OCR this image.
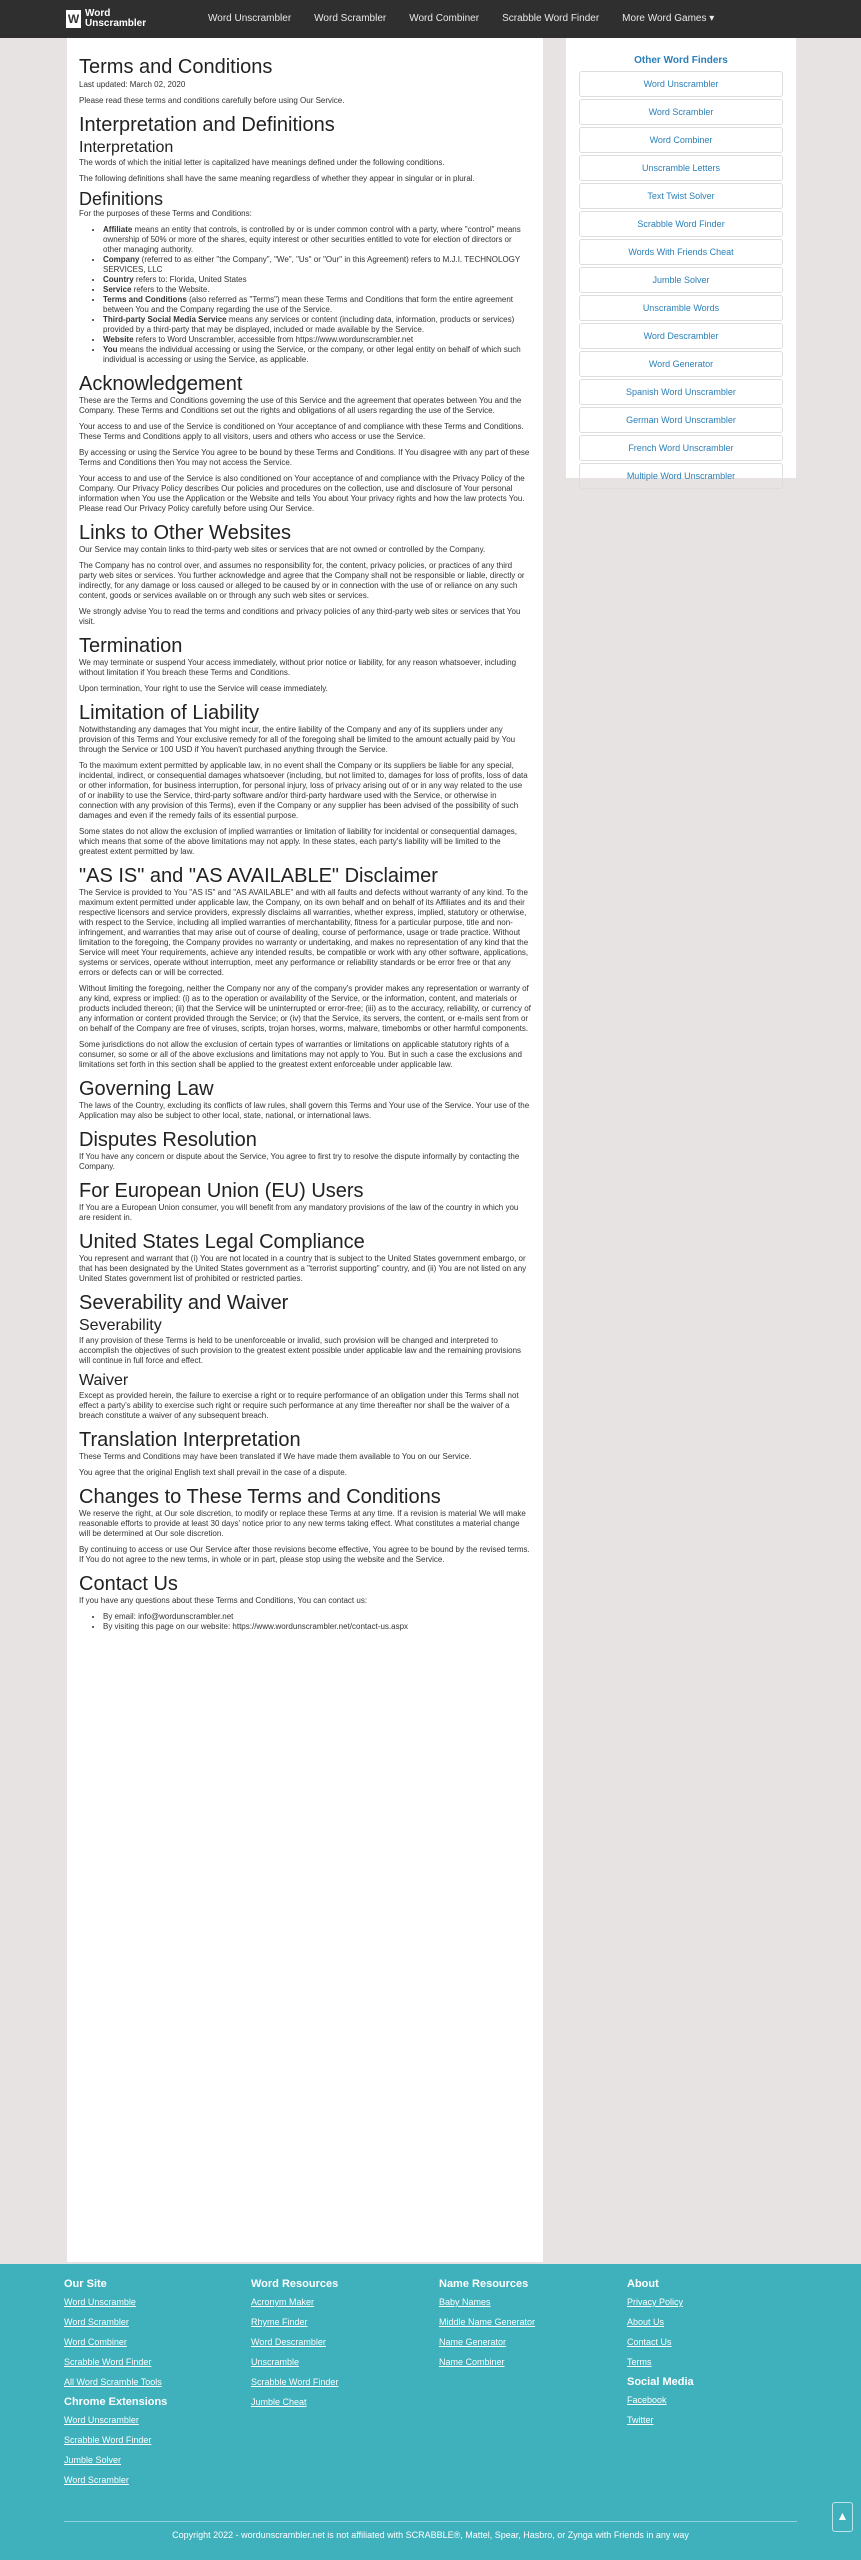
W Word
Unscrambler	Word Unscrambler Word Scrambler Word Combiner Scrabble Word Finder More Word Games ▾
Terms and Conditions

Last updated: March 02, 2020

Please read these terms and conditions carefully before using Our Service.

Interpretation and Definitions
Interpretation

The words of which the initial letter is capitalized have meanings defined under the following conditions.

The following definitions shall have the same meaning regardless of whether they appear in singular or in plural.

Definitions

For the purposes of these Terms and Conditions:

• Affiliate means an entity that controls, is controlled by or is under common control with a party, where "control" means ownership of 50% or more of the shares, equity interest or other securities entitled to vote for election of directors or other managing authority.
• Company (referred to as either "the Company", "We", "Us" or "Our" in this Agreement) refers to M.J.I. TECHNOLOGY SERVICES, LLC
• Country refers to: Florida, United States
• Service refers to the Website.
• Terms and Conditions (also referred as "Terms") mean these Terms and Conditions that form the entire agreement between You and the Company regarding the use of the Service.
• Third-party Social Media Service means any services or content (including data, information, products or services) provided by a third-party that may be displayed, included or made available by the Service.
• Website refers to Word Unscrambler, accessible from https://www.wordunscrambler.net
• You means the individual accessing or using the Service, or the company, or other legal entity on behalf of which such individual is accessing or using the Service, as applicable.
Acknowledgement

These are the Terms and Conditions governing the use of this Service and the agreement that operates between You and the Company. These Terms and Conditions set out the rights and obligations of all users regarding the use of the Service.

Your access to and use of the Service is conditioned on Your acceptance of and compliance with these Terms and Conditions. These Terms and Conditions apply to all visitors, users and others who access or use the Service.

By accessing or using the Service You agree to be bound by these Terms and Conditions. If You disagree with any part of these Terms and Conditions then You may not access the Service.

Your access to and use of the Service is also conditioned on Your acceptance of and compliance with the Privacy Policy of the Company. Our Privacy Policy describes Our policies and procedures on the collection, use and disclosure of Your personal information when You use the Application or the Website and tells You about Your privacy rights and how the law protects You. Please read Our Privacy Policy carefully before using Our Service.

Links to Other Websites

Our Service may contain links to third-party web sites or services that are not owned or controlled by the Company.

The Company has no control over, and assumes no responsibility for, the content, privacy policies, or practices of any third party web sites or services. You further acknowledge and agree that the Company shall not be responsible or liable, directly or indirectly, for any damage or loss caused or alleged to be caused by or in connection with the use of or reliance on any such content, goods or services available on or through any such web sites or services.

We strongly advise You to read the terms and conditions and privacy policies of any third-party web sites or services that You visit.

Termination

We may terminate or suspend Your access immediately, without prior notice or liability, for any reason whatsoever, including without limitation if You breach these Terms and Conditions.

Upon termination, Your right to use the Service will cease immediately.

Limitation of Liability

Notwithstanding any damages that You might incur, the entire liability of the Company and any of its suppliers under any provision of this Terms and Your exclusive remedy for all of the foregoing shall be limited to the amount actually paid by You through the Service or 100 USD if You haven't purchased anything through the Service.

To the maximum extent permitted by applicable law, in no event shall the Company or its suppliers be liable for any special, incidental, indirect, or consequential damages whatsoever (including, but not limited to, damages for loss of profits, loss of data or other information, for business interruption, for personal injury, loss of privacy arising out of or in any way related to the use of or inability to use the Service, third-party software and/or third-party hardware used with the Service, or otherwise in connection with any provision of this Terms), even if the Company or any supplier has been advised of the possibility of such damages and even if the remedy fails of its essential purpose.

Some states do not allow the exclusion of implied warranties or limitation of liability for incidental or consequential damages, which means that some of the above limitations may not apply. In these states, each party's liability will be limited to the greatest extent permitted by law.

"AS IS" and "AS AVAILABLE" Disclaimer

The Service is provided to You "AS IS" and "AS AVAILABLE" and with all faults and defects without warranty of any kind. To the maximum extent permitted under applicable law, the Company, on its own behalf and on behalf of its Affiliates and its and their respective licensors and service providers, expressly disclaims all warranties, whether express, implied, statutory or otherwise, with respect to the Service, including all implied warranties of merchantability, fitness for a particular purpose, title and non-infringement, and warranties that may arise out of course of dealing, course of performance, usage or trade practice. Without limitation to the foregoing, the Company provides no warranty or undertaking, and makes no representation of any kind that the Service will meet Your requirements, achieve any intended results, be compatible or work with any other software, applications, systems or services, operate without interruption, meet any performance or reliability standards or be error free or that any errors or defects can or will be corrected.

Without limiting the foregoing, neither the Company nor any of the company's provider makes any representation or warranty of any kind, express or implied: (i) as to the operation or availability of the Service, or the information, content, and materials or products included thereon; (ii) that the Service will be uninterrupted or error-free; (iii) as to the accuracy, reliability, or currency of any information or content provided through the Service; or (iv) that the Service, its servers, the content, or e-mails sent from or on behalf of the Company are free of viruses, scripts, trojan horses, worms, malware, timebombs or other harmful components.

Some jurisdictions do not allow the exclusion of certain types of warranties or limitations on applicable statutory rights of a consumer, so some or all of the above exclusions and limitations may not apply to You. But in such a case the exclusions and limitations set forth in this section shall be applied to the greatest extent enforceable under applicable law.

Governing Law

The laws of the Country, excluding its conflicts of law rules, shall govern this Terms and Your use of the Service. Your use of the Application may also be subject to other local, state, national, or international laws.

Disputes Resolution

If You have any concern or dispute about the Service, You agree to first try to resolve the dispute informally by contacting the Company.

For European Union (EU) Users

If You are a European Union consumer, you will benefit from any mandatory provisions of the law of the country in which you are resident in.

United States Legal Compliance

You represent and warrant that (i) You are not located in a country that is subject to the United States government embargo, or that has been designated by the United States government as a "terrorist supporting" country, and (ii) You are not listed on any United States government list of prohibited or restricted parties.

Severability and Waiver
Severability

If any provision of these Terms is held to be unenforceable or invalid, such provision will be changed and interpreted to accomplish the objectives of such provision to the greatest extent possible under applicable law and the remaining provisions will continue in full force and effect.

Waiver

Except as provided herein, the failure to exercise a right or to require performance of an obligation under this Terms shall not effect a party's ability to exercise such right or require such performance at any time thereafter nor shall be the waiver of a breach constitute a waiver of any subsequent breach.

Translation Interpretation

These Terms and Conditions may have been translated if We have made them available to You on our Service.

You agree that the original English text shall prevail in the case of a dispute.

Changes to These Terms and Conditions

We reserve the right, at Our sole discretion, to modify or replace these Terms at any time. If a revision is material We will make reasonable efforts to provide at least 30 days' notice prior to any new terms taking effect. What constitutes a material change will be determined at Our sole discretion.

By continuing to access or use Our Service after those revisions become effective, You agree to be bound by the revised terms. If You do not agree to the new terms, in whole or in part, please stop using the website and the Service.

Contact Us

If you have any questions about these Terms and Conditions, You can contact us:

• By email: info@wordunscrambler.net
• By visiting this page on our website: https://www.wordunscrambler.net/contact-us.aspx
Other Word Finders
Word Unscrambler
Word Scrambler
Word Combiner
Unscramble Letters
Text Twist Solver
Scrabble Word Finder
Words With Friends Cheat
Jumble Solver
Unscramble Words
Word Descrambler
Word Generator
Spanish Word Unscrambler
German Word Unscrambler
French Word Unscrambler
Multiple Word Unscrambler
Our Site
Word Unscramble
Word Scrambler
Word Combiner
Scrabble Word Finder
All Word Scramble Tools
Chrome Extensions
Word Unscrambler
Scrabble Word Finder
Jumble Solver
Word Scrambler
Word Resources
Acronym Maker
Rhyme Finder
Word Descrambler
Unscramble
Scrabble Word Finder
Jumble Cheat
Name Resources
Baby Names
Middle Name Generator
Name Generator
Name Combiner
About
Privacy Policy
About Us
Contact Us
Terms
Social Media
Facebook
Twitter
▲
Copyright 2022 - wordunscrambler.net is not affiliated with SCRABBLE®, Mattel, Spear, Hasbro, or Zynga with Friends in any way
